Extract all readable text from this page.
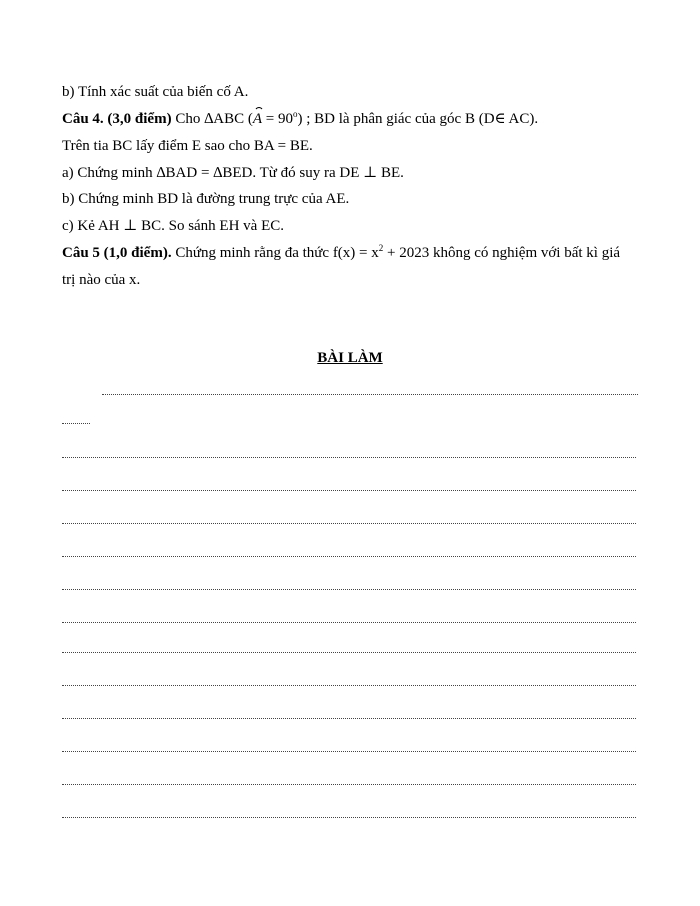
b) Tính xác suất của biến cố A.
Câu 4. (3,0 điểm) Cho ∆ABC $(A = 90^o)$ ; BD là phân giác của góc B (D∈ AC).
Trên tia BC lấy điểm E sao cho BA = BE.
a) Chứng minh ∆BAD = ∆BED. Từ đó suy ra DE ⊥ BE.
b) Chứng minh BD là đường trung trực của AE.
c) Kẻ AH ⊥ BC. So sánh EH và EC.
Câu 5 (1,0 điểm). Chứng minh rằng đa thức $f(x) = x^2 + 2023$ không có nghiệm với bất kì giá
trị nào của x.
BÀI LÀM
